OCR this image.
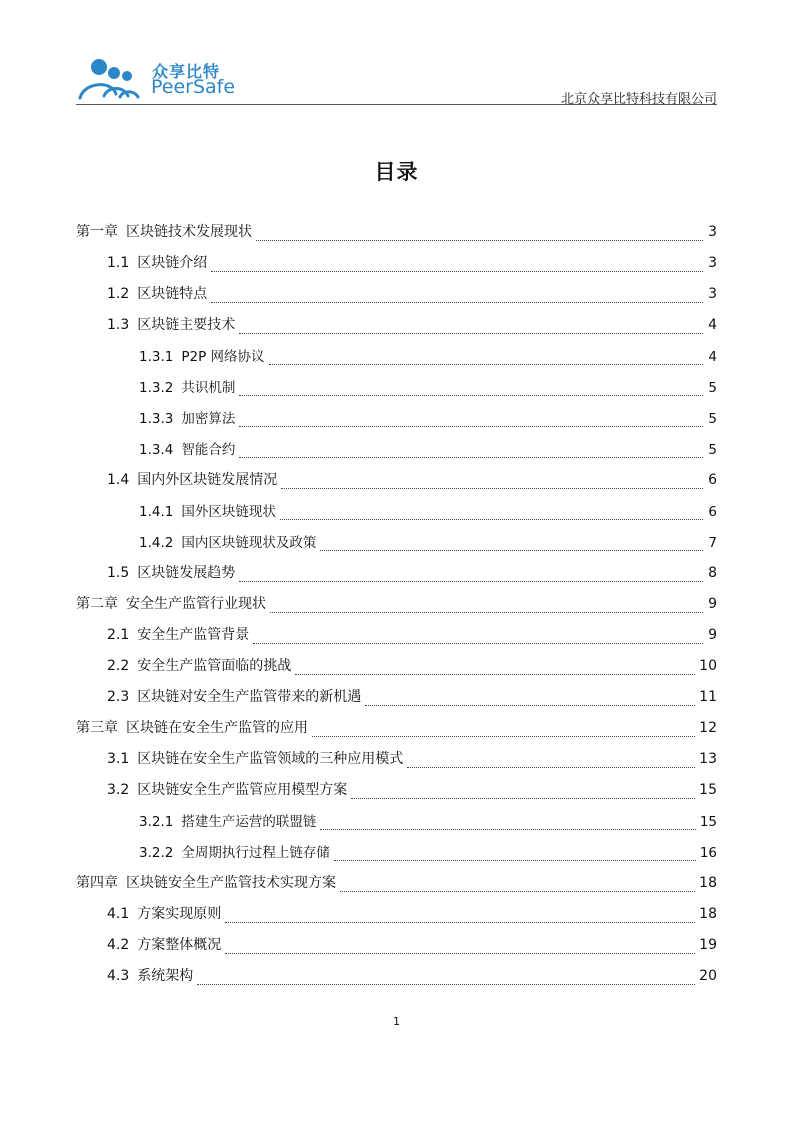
众享比特
PeerSafe
北京众享比特科技有限公司
目录
第一章 区块链技术发展现状	3
1.1 区块链介绍	3
1.2 区块链特点	3
1.3 区块链主要技术	4
1.3.1 P2P 网络协议	4
1.3.2 共识机制	5
1.3.3 加密算法	5
1.3.4 智能合约	5
1.4 国内外区块链发展情况	6
1.4.1 国外区块链现状	6
1.4.2 国内区块链现状及政策	7
1.5 区块链发展趋势	8
第二章 安全生产监管行业现状	9
2.1 安全生产监管背景	9
2.2 安全生产监管面临的挑战	10
2.3 区块链对安全生产监管带来的新机遇	11
第三章 区块链在安全生产监管的应用	12
3.1 区块链在安全生产监管领域的三种应用模式	13
3.2 区块链安全生产监管应用模型方案	15
3.2.1 搭建生产运营的联盟链	15
3.2.2 全周期执行过程上链存储	16
第四章 区块链安全生产监管技术实现方案	18
4.1 方案实现原则	18
4.2 方案整体概况	19
4.3 系统架构	20
1
